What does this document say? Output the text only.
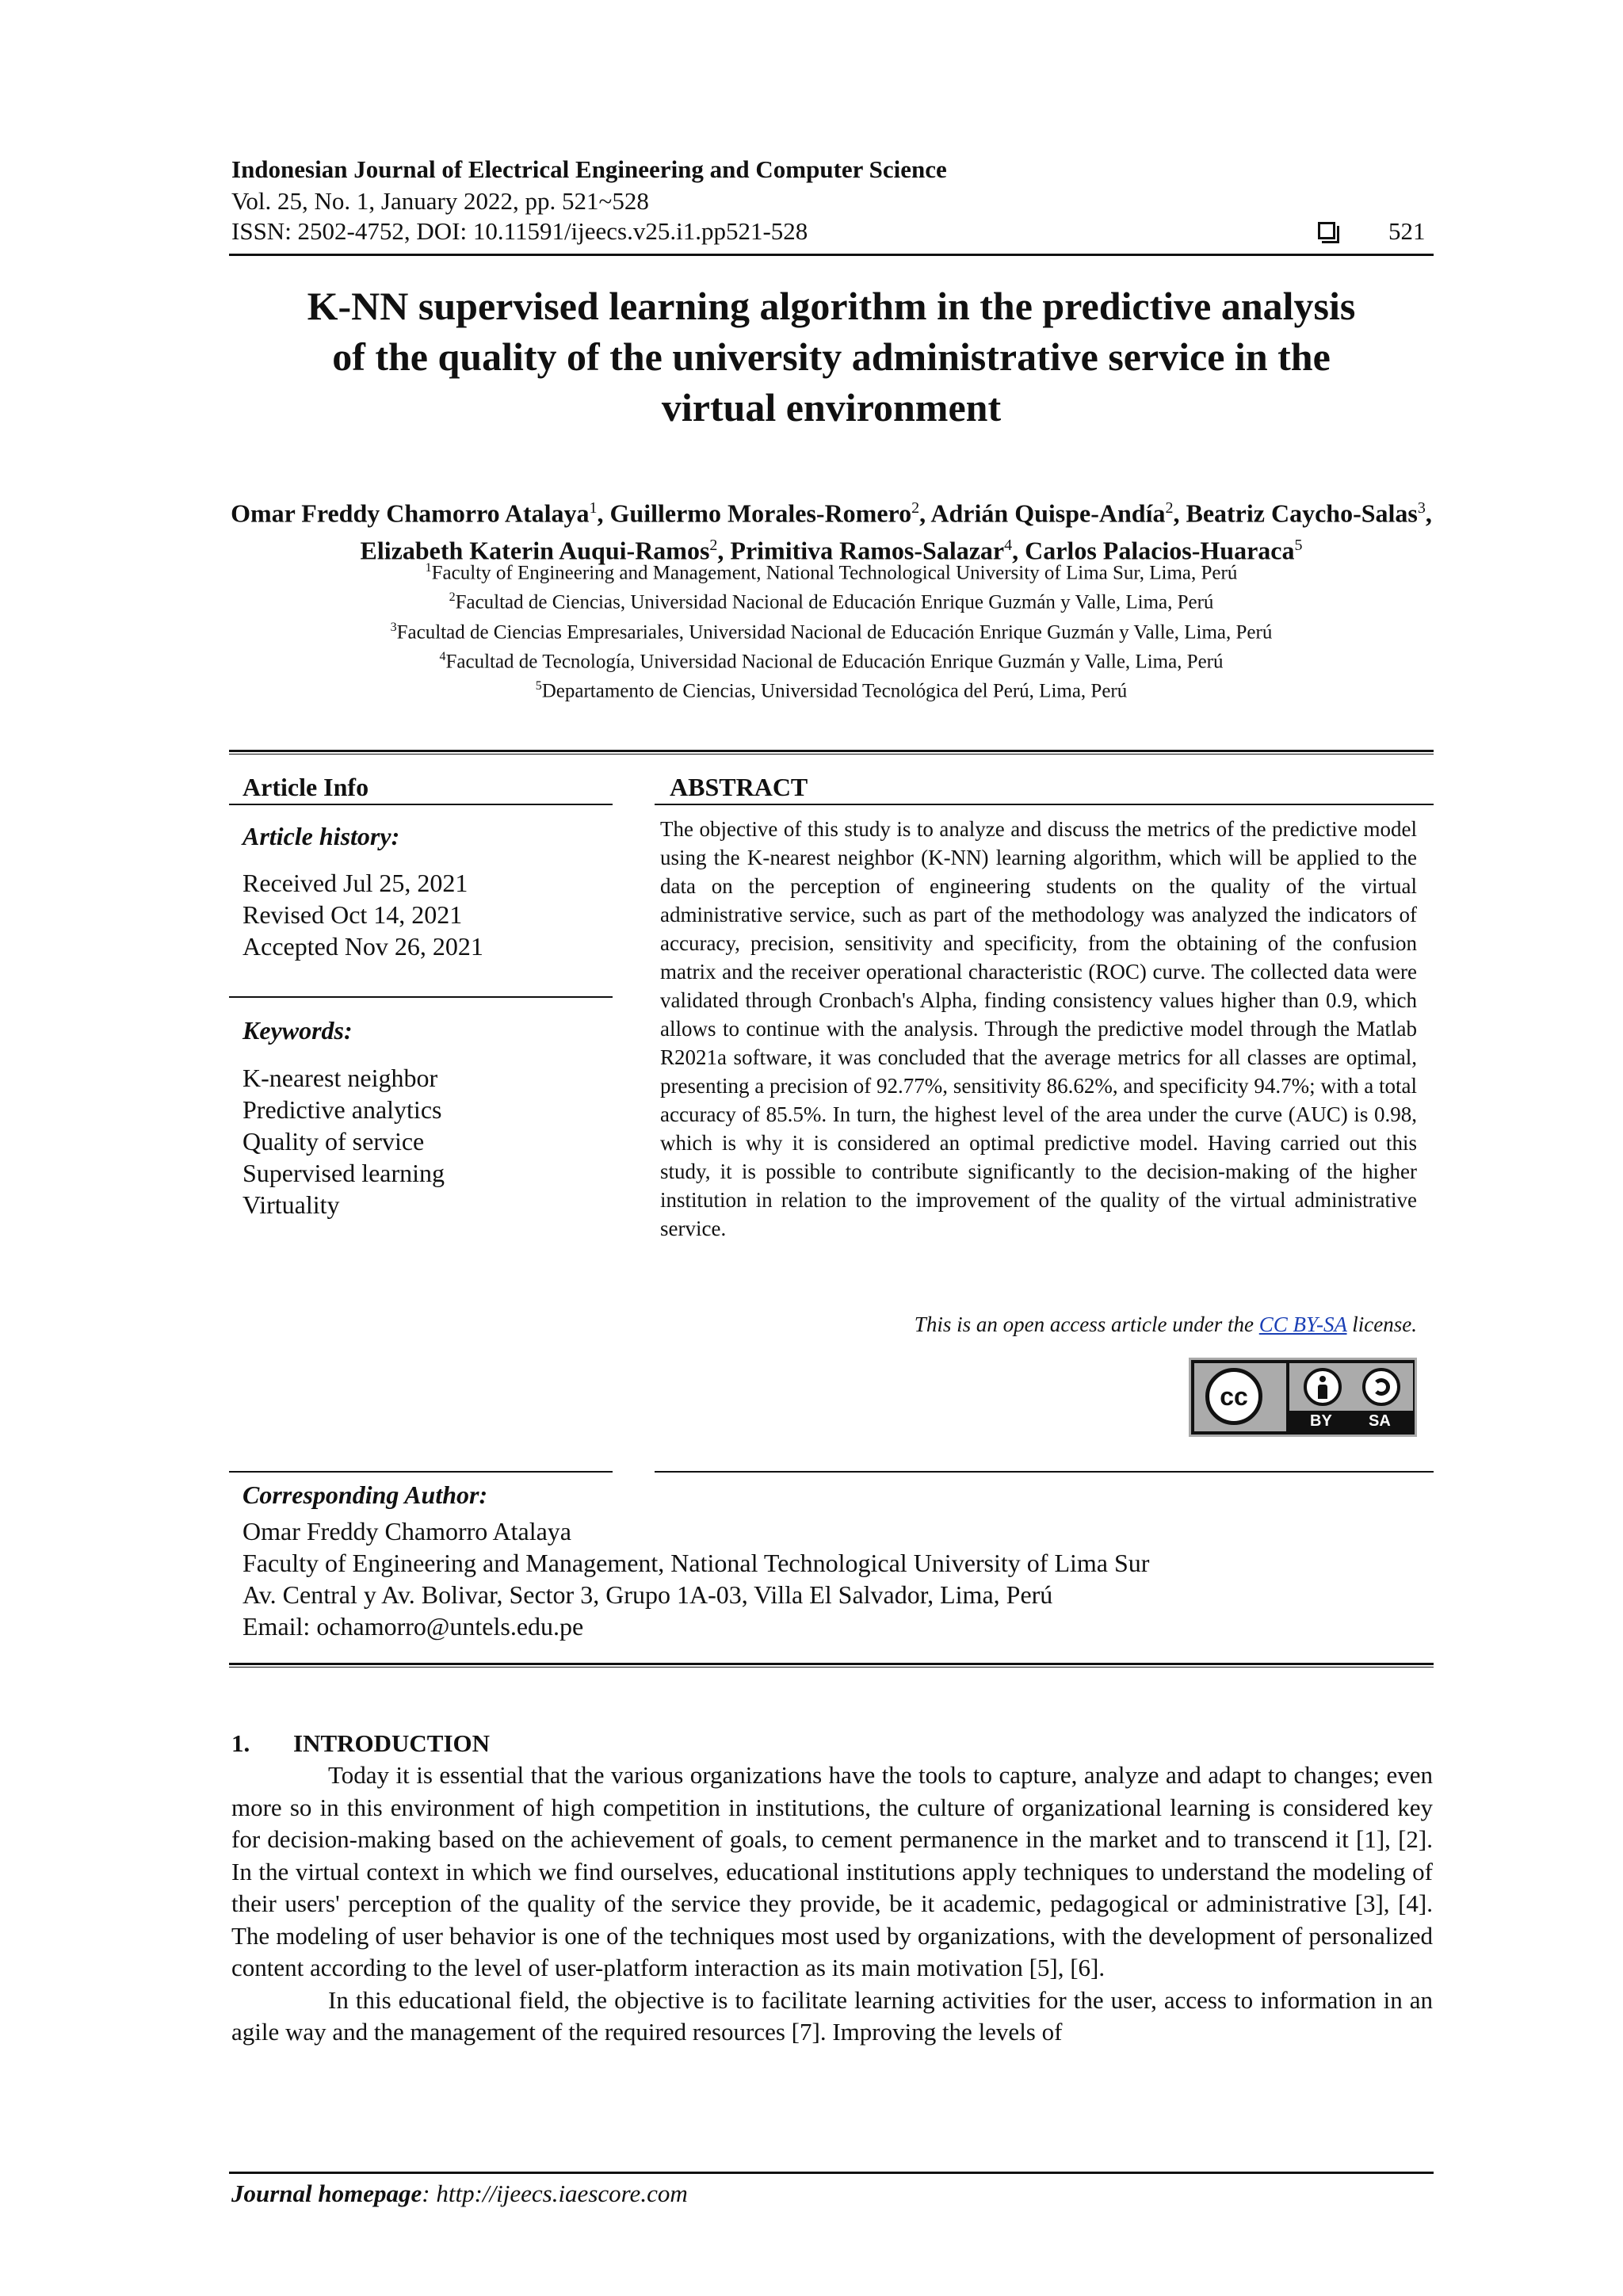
Indonesian Journal of Electrical Engineering and Computer Science
Vol. 25, No. 1, January 2022, pp. 521~528
ISSN: 2502-4752, DOI: 10.11591/ijeecs.v25.i1.pp521-528	521
K-NN supervised learning algorithm in the predictive analysis
of the quality of the university administrative service in the
virtual environment
Omar Freddy Chamorro Atalaya$^1$, Guillermo Morales-Romero$^2$, Adrián Quispe-Andía$^2$, Beatriz Caycho-Salas$^3$, Elizabeth Katerin Auqui-Ramos$^2$, Primitiva Ramos-Salazar$^4$, Carlos Palacios-Huaraca$^5$
$^1$Faculty of Engineering and Management, National Technological University of Lima Sur, Lima, Perú
$^2$Facultad de Ciencias, Universidad Nacional de Educación Enrique Guzmán y Valle, Lima, Perú
$^3$Facultad de Ciencias Empresariales, Universidad Nacional de Educación Enrique Guzmán y Valle, Lima, Perú
$^4$Facultad de Tecnología, Universidad Nacional de Educación Enrique Guzmán y Valle, Lima, Perú
$^5$Departamento de Ciencias, Universidad Tecnológica del Perú, Lima, Perú
Article Info
Article history:
Received Jul 25, 2021
Revised Oct 14, 2021
Accepted Nov 26, 2021
Keywords:
K-nearest neighbor
Predictive analytics
Quality of service
Supervised learning
Virtuality
ABSTRACT
The objective of this study is to analyze and discuss the metrics of the predictive model using the K-nearest neighbor (K-NN) learning algorithm, which will be applied to the data on the perception of engineering students on the quality of the virtual administrative service, such as part of the methodology was analyzed the indicators of accuracy, precision, sensitivity and specificity, from the obtaining of the confusion matrix and the receiver operational characteristic (ROC) curve. The collected data were validated through Cronbach's Alpha, finding consistency values higher than 0.9, which allows to continue with the analysis. Through the predictive model through the Matlab R2021a software, it was concluded that the average metrics for all classes are optimal, presenting a precision of 92.77%, sensitivity 86.62%, and specificity 94.7%; with a total accuracy of 85.5%. In turn, the highest level of the area under the curve (AUC) is 0.98, which is why it is considered an optimal predictive model. Having carried out this study, it is possible to contribute significantly to the decision-making of the higher institution in relation to the improvement of the quality of the virtual administrative service.
This is an open access article under the CC BY-SA license.
cc
BY SA
Corresponding Author:
Omar Freddy Chamorro Atalaya
Faculty of Engineering and Management, National Technological University of Lima Sur
Av. Central y Av. Bolivar, Sector 3, Grupo 1A-03, Villa El Salvador, Lima, Perú
Email: ochamorro@untels.edu.pe
1. INTRODUCTION

Today it is essential that the various organizations have the tools to capture, analyze and adapt to changes; even more so in this environment of high competition in institutions, the culture of organizational learning is considered key for decision-making based on the achievement of goals, to cement permanence in the market and to transcend it [1], [2]. In the virtual context in which we find ourselves, educational institutions apply techniques to understand the modeling of their users' perception of the quality of the service they provide, be it academic, pedagogical or administrative [3], [4]. The modeling of user behavior is one of the techniques most used by organizations, with the development of personalized content according to the level of user-platform interaction as its main motivation [5], [6].

In this educational field, the objective is to facilitate learning activities for the user, access to information in an agile way and the management of the required resources [7]. Improving the levels of

Journal homepage: http://ijeecs.iaescore.com
